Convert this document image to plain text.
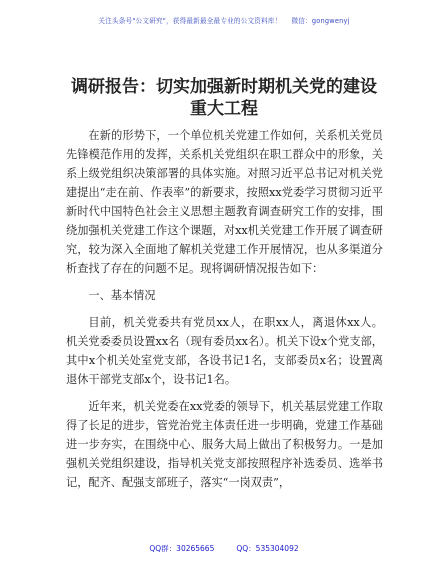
关注头条号"公文研究"，获得最新最全最专业的公文资料库！ 微信：gongwenyj
调研报告：切实加强新时期机关党的建设重大工程

在新的形势下，一个单位机关党建工作如何，关系机关党员先锋模范作用的发挥，关系机关党组织在职工群众中的形象，关系上级党组织决策部署的具体实施。对照习近平总书记对机关党建提出“走在前、作表率”的新要求，按照xx党委学习贯彻习近平新时代中国特色社会主义思想主题教育调查研究工作的安排，围绕加强机关党建工作这个课题，对xx机关党建工作开展了调查研究，较为深入全面地了解机关党建工作开展情况，也从多渠道分析查找了存在的问题不足。现将调研情况报告如下：

一、基本情况

目前，机关党委共有党员xx人，在职xx人，离退休xx人。机关党委委员设置xx名（现有委员xx名）。机关下设x个党支部，其中x个机关处室党支部，各设书记1名，支部委员x名；设置离退休干部党支部x个，设书记1名。

近年来，机关党委在xx党委的领导下，机关基层党建工作取得了长足的进步，管党治党主体责任进一步明确，党建工作基础进一步夯实，在围绕中心、服务大局上做出了积极努力。一是加强机关党组织建设，指导机关党支部按照程序补选委员、选举书记，配齐、配强支部班子，落实“一岗双责”，

QQ群：30265665	QQ：535304092
